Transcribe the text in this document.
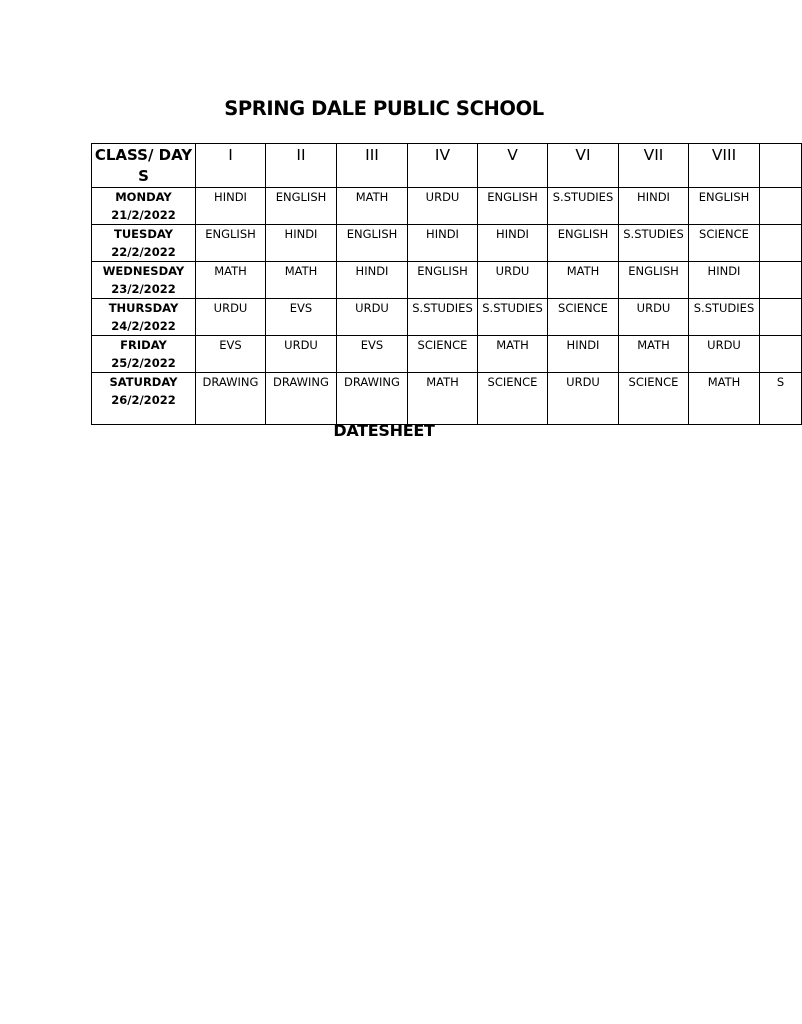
SPRING DALE PUBLIC SCHOOL
CLASS/ DAYS	I	II	III	IV	V	VI	VII	VIII	

MONDAY
21/2/2022	HINDI	ENGLISH	MATH	URDU	ENGLISH	S.STUDIES	HINDI	ENGLISH	

TUESDAY
22/2/2022	ENGLISH	HINDI	ENGLISH	HINDI	HINDI	ENGLISH	S.STUDIES	SCIENCE	

WEDNESDAY
23/2/2022	MATH	MATH	HINDI	ENGLISH	URDU	MATH	ENGLISH	HINDI	

THURSDAY
24/2/2022	URDU	EVS	URDU	S.STUDIES	S.STUDIES	SCIENCE	URDU	S.STUDIES	

FRIDAY
25/2/2022	EVS	URDU	EVS	SCIENCE	MATH	HINDI	MATH	URDU	

SATURDAY
26/2/2022	DRAWING	DRAWING	DRAWING	MATH	SCIENCE	URDU	SCIENCE	MATH	S
DATESHEET
